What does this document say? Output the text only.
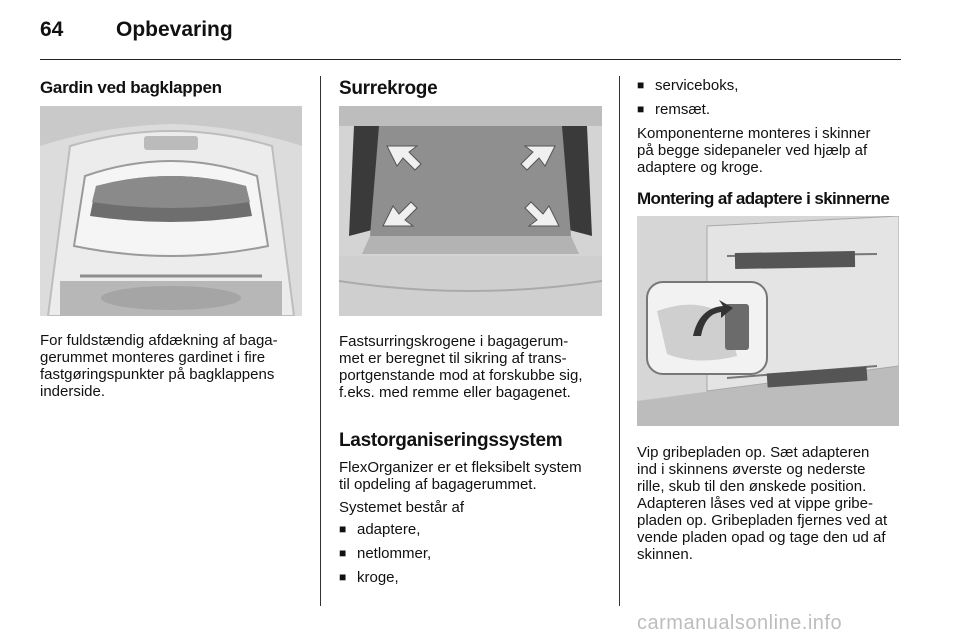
64	Opbevaring
Gardin ved bagklappen
For fuldstændig afdækning af baga-
gerummet monteres gardinet i fire
fastgøringspunkter på bagklappens
inderside.
Surrekroge
Fastsurringskrogene i bagagerum-
met er beregnet til sikring af trans-
portgenstande mod at forskubbe sig,
f.eks. med remme eller bagagenet.
Lastorganiseringssystem
FlexOrganizer er et fleksibelt system
til opdeling af bagagerummet.
Systemet består af
■ adaptere,
■ netlommer,
■ kroge,
■ serviceboks,
■ remsæt.
Komponenterne monteres i skinner
på begge sidepaneler ved hjælp af
adaptere og kroge.
Montering af adaptere i skinnerne
Vip gribepladen op. Sæt adapteren
ind i skinnens øverste og nederste
rille, skub til den ønskede position.
Adapteren låses ved at vippe gribe-
pladen op. Gribepladen fjernes ved at
vende pladen opad og tage den ud af
skinnen.
carmanualsonline.info
